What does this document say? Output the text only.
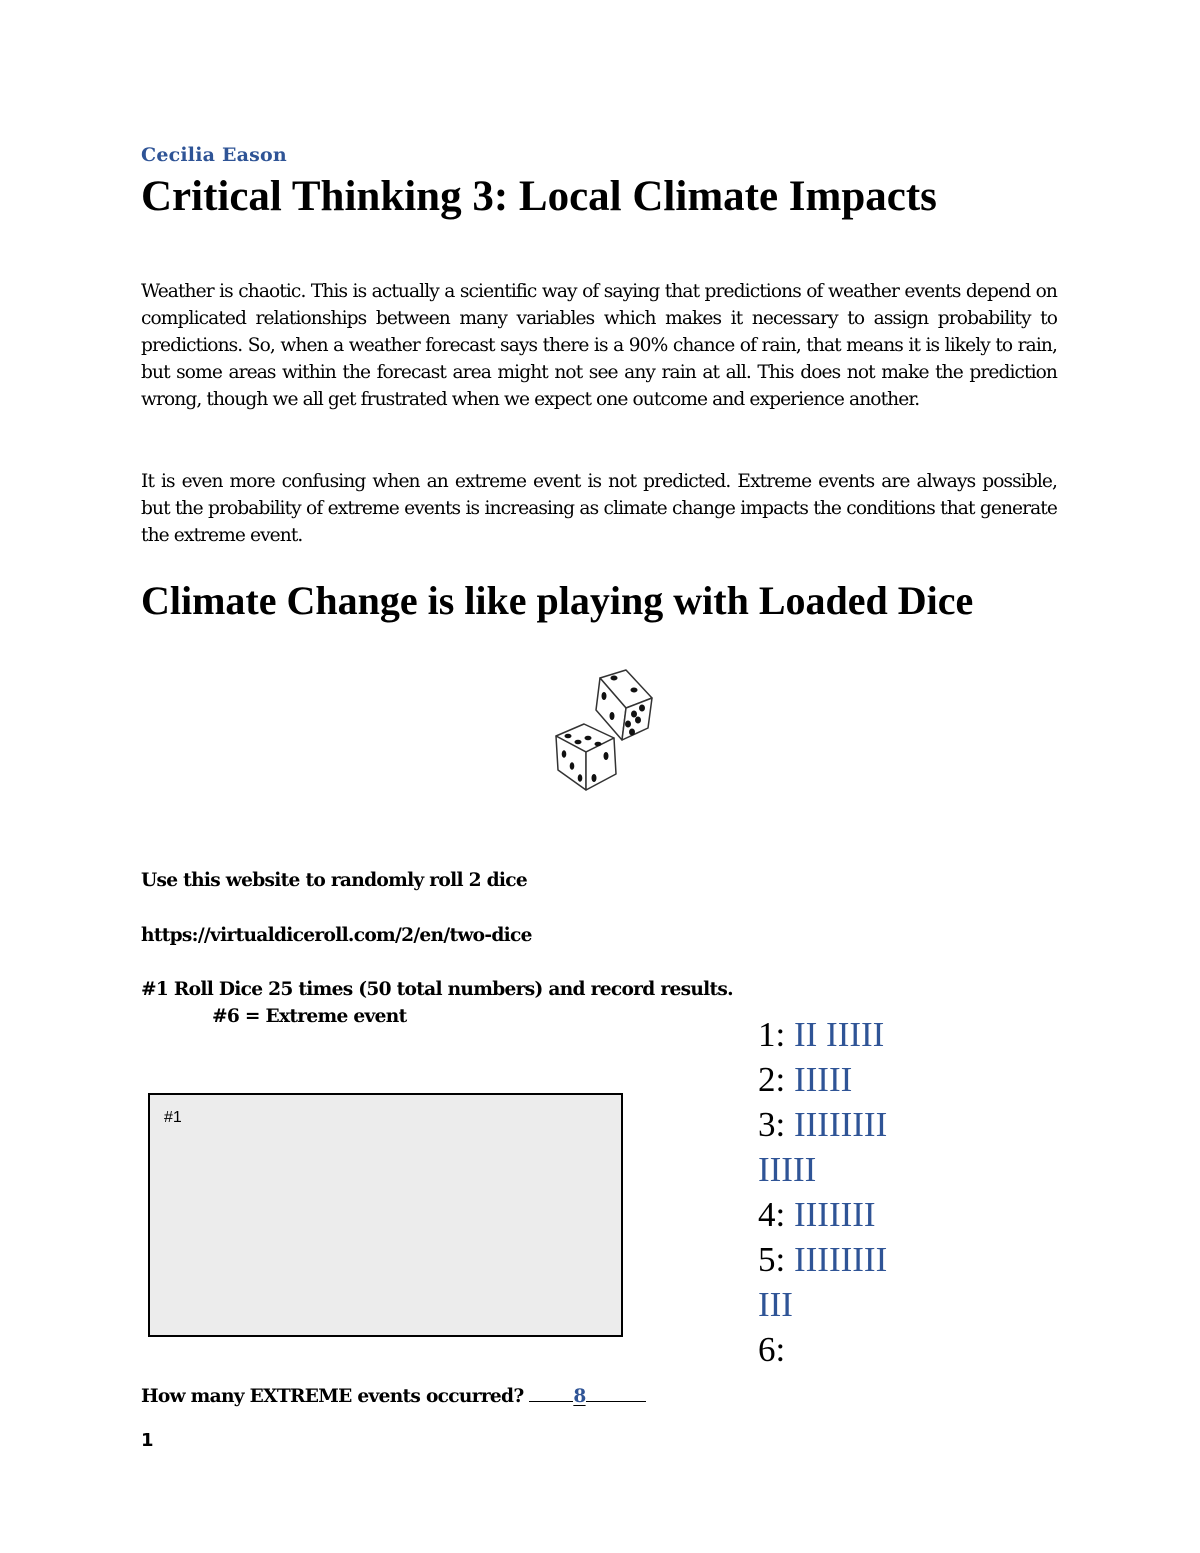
Cecilia Eason
Critical Thinking 3: Local Climate Impacts

Weather is chaotic. This is actually a scientific way of saying that predictions of weather events depend on complicated relationships between many variables which makes it necessary to assign probability to predictions. So, when a weather forecast says there is a 90% chance of rain, that means it is likely to rain, but some areas within the forecast area might not see any rain at all. This does not make the prediction wrong, though we all get frustrated when we expect one outcome and experience another.

It is even more confusing when an extreme event is not predicted. Extreme events are always possible, but the probability of extreme events is increasing as climate change impacts the conditions that generate the extreme event.

Climate Change is like playing with Loaded Dice
Use this website to randomly roll 2 dice
https://virtualdiceroll.com/2/en/two-dice
#1 Roll Dice 25 times (50 total numbers) and record results.
#6 = Extreme event
#1
How many EXTREME events occurred?	8
1
1: II IIIII
2: IIIII
3: IIIIIIIIIIIII
4: IIIIIII
5: IIIIIIIIIII
6:
